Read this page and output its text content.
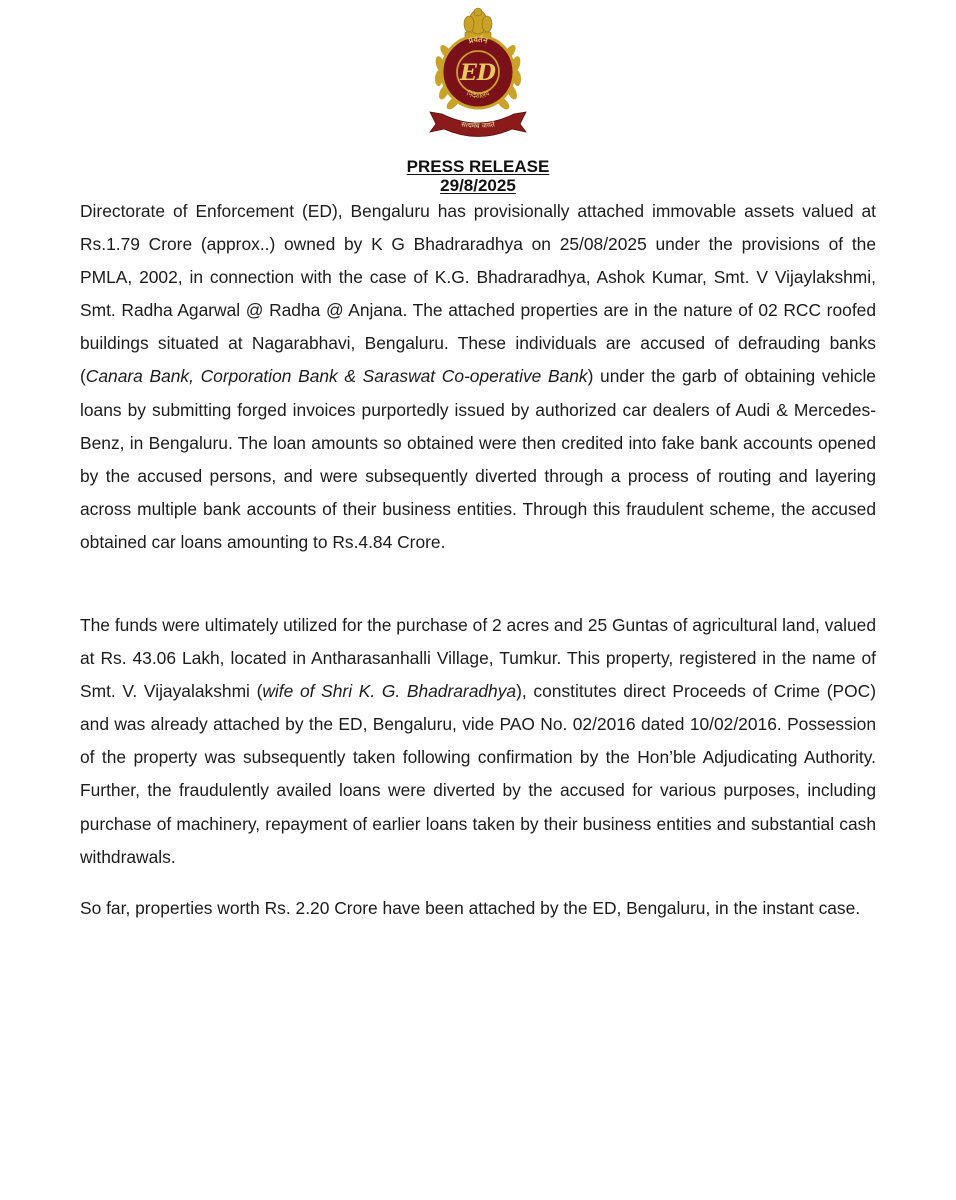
प्रवर्तन
निदेशालय
ED
सत्यमेव जयते
PRESS RELEASE
29/8/2025

Directorate of Enforcement (ED), Bengaluru has provisionally attached immovable assets valued at Rs.1.79 Crore (approx..) owned by K G Bhadraradhya on 25/08/2025 under the provisions of the PMLA, 2002, in connection with the case of K.G. Bhadraradhya, Ashok Kumar, Smt. V Vijaylakshmi, Smt. Radha Agarwal @ Radha @ Anjana. The attached properties are in the nature of 02 RCC roofed buildings situated at Nagarabhavi, Bengaluru. These individuals are accused of defrauding banks (Canara Bank, Corporation Bank & Saraswat Co-operative Bank) under the garb of obtaining vehicle loans by submitting forged invoices purportedly issued by authorized car dealers of Audi & Mercedes-Benz, in Bengaluru. The loan amounts so obtained were then credited into fake bank accounts opened by the accused persons, and were subsequently diverted through a process of routing and layering across multiple bank accounts of their business entities. Through this fraudulent scheme, the accused obtained car loans amounting to Rs.4.84 Crore.

The funds were ultimately utilized for the purchase of 2 acres and 25 Guntas of agricultural land, valued at Rs. 43.06 Lakh, located in Antharasanhalli Village, Tumkur. This property, registered in the name of Smt. V. Vijayalakshmi (wife of Shri K. G. Bhadraradhya), constitutes direct Proceeds of Crime (POC) and was already attached by the ED, Bengaluru, vide PAO No. 02/2016 dated 10/02/2016. Possession of the property was subsequently taken following confirmation by the Hon’ble Adjudicating Authority. Further, the fraudulently availed loans were diverted by the accused for various purposes, including purchase of machinery, repayment of earlier loans taken by their business entities and substantial cash withdrawals.

So far, properties worth Rs. 2.20 Crore have been attached by the ED, Bengaluru, in the instant case.
